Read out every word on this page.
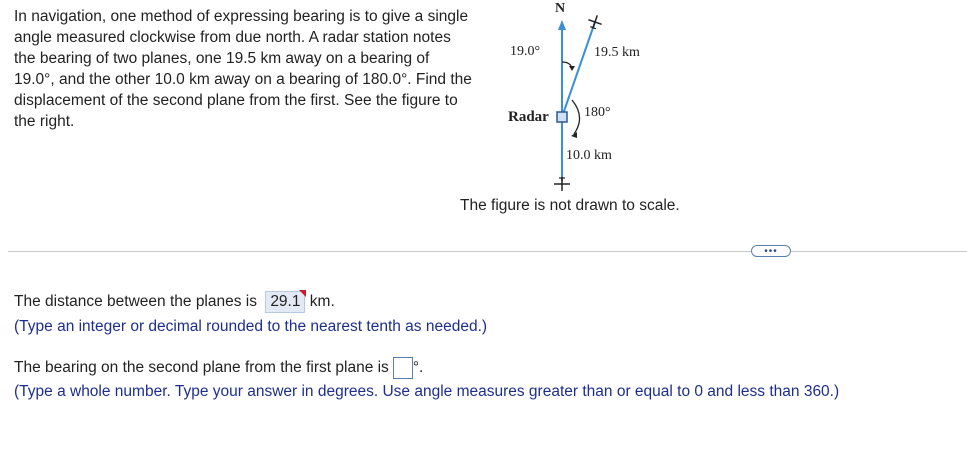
In navigation, one method of expressing bearing is to give a single angle measured clockwise from due north. A radar station notes the bearing of two planes, one 19.5 km away on a bearing of 19.0°, and the other 10.0 km away on a bearing of 180.0°. Find the displacement of the second plane from the first. See the figure to the right.

N
19.0°	19.5 km
Radar	180°
10.0 km
The figure is not drawn to scale.
•••
The distance between the planes is 29.1 km.
(Type an integer or decimal rounded to the nearest tenth as needed.)
The bearing on the second plane from the first plane is °.
(Type a whole number. Type your answer in degrees. Use angle measures greater than or equal to 0 and less than 360.)
